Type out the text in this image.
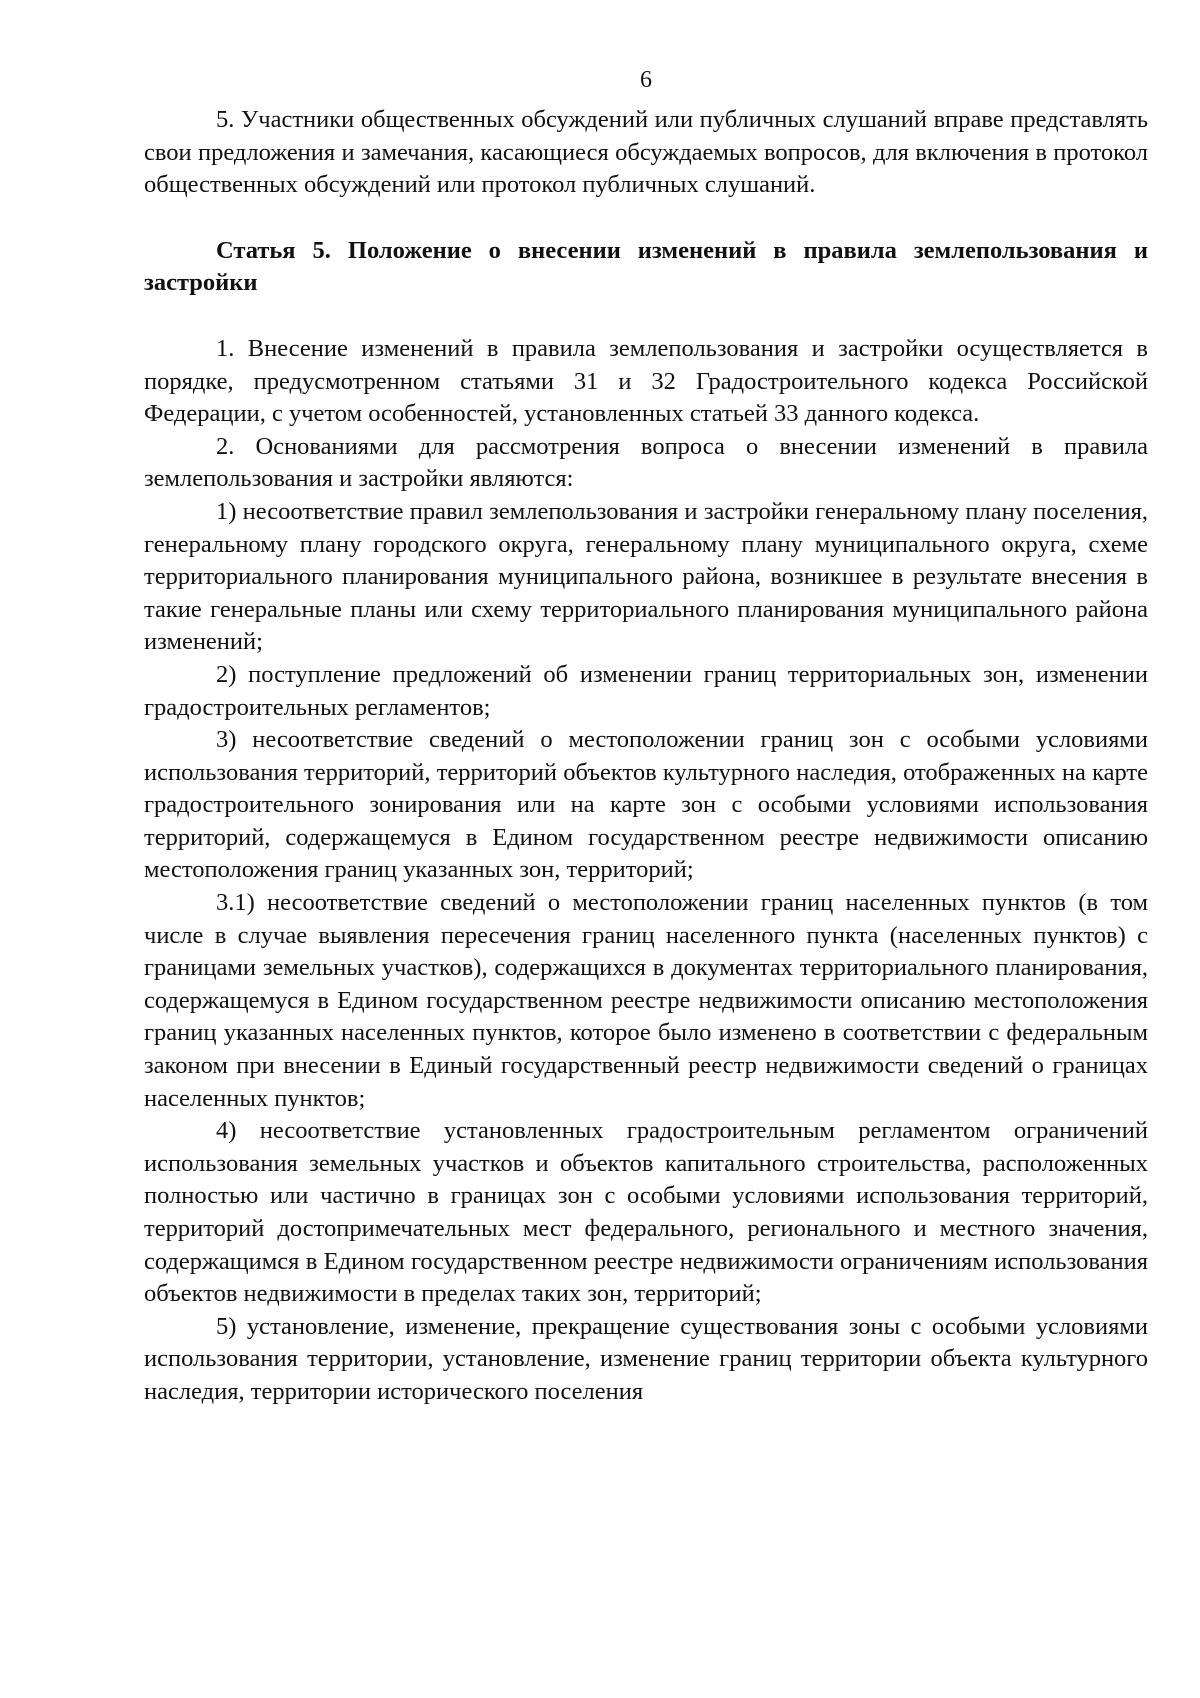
6

5. Участники общественных обсуждений или публичных слушаний вправе представлять свои предложения и замечания, касающиеся обсуждаемых вопросов, для включения в протокол общественных обсуждений или протокол публичных слушаний.

Статья 5. Положение о внесении изменений в правила землепользования и застройки

1. Внесение изменений в правила землепользования и застройки осуществляется в порядке, предусмотренном статьями 31 и 32 Градостроительного кодекса Российской Федерации, с учетом особенностей, установленных статьей 33 данного кодекса.

2. Основаниями для рассмотрения вопроса о внесении изменений в правила землепользования и застройки являются:

1) несоответствие правил землепользования и застройки генеральному плану поселения, генеральному плану городского округа, генеральному плану муниципального округа, схеме территориального планирования муниципального района, возникшее в результате внесения в такие генеральные планы или схему территориального планирования муниципального района изменений;

2) поступление предложений об изменении границ территориальных зон, изменении градостроительных регламентов;

3) несоответствие сведений о местоположении границ зон с особыми условиями использования территорий, территорий объектов культурного наследия, отображенных на карте градостроительного зонирования или на карте зон с особыми условиями использования территорий, содержащемуся в Едином государственном реестре недвижимости описанию местоположения границ указанных зон, территорий;

3.1) несоответствие сведений о местоположении границ населенных пунктов (в том числе в случае выявления пересечения границ населенного пункта (населенных пунктов) с границами земельных участков), содержащихся в документах территориального планирования, содержащемуся в Едином государственном реестре недвижимости описанию местоположения границ указанных населенных пунктов, которое было изменено в соответствии с федеральным законом при внесении в Единый государственный реестр недвижимости сведений о границах населенных пунктов;

4) несоответствие установленных градостроительным регламентом ограничений использования земельных участков и объектов капитального строительства, расположенных полностью или частично в границах зон с особыми условиями использования территорий, территорий достопримечательных мест федерального, регионального и местного значения, содержащимся в Едином государственном реестре недвижимости ограничениям использования объектов недвижимости в пределах таких зон, территорий;

5) установление, изменение, прекращение существования зоны с особыми условиями использования территории, установление, изменение границ территории объекта культурного наследия, территории исторического поселения
